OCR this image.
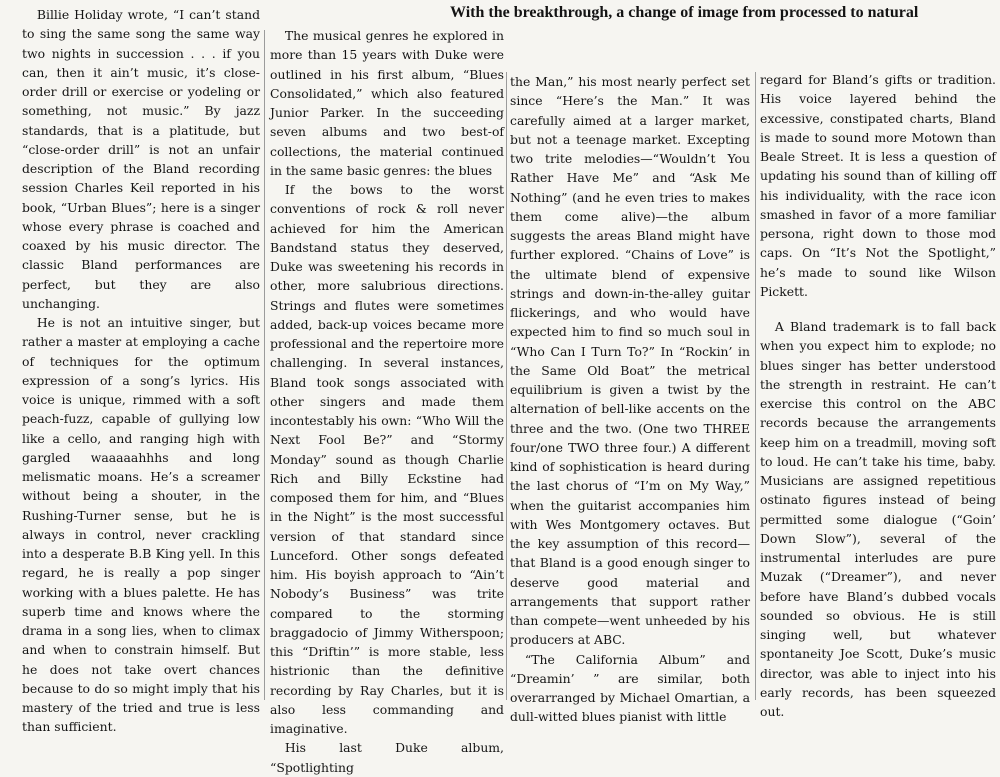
With the breakthrough, a change of image from processed to natural

Billie Holiday wrote, “I can’t stand to sing the same song the same way two nights in succession . . . if you can, then it ain’t music, it’s close-order drill or exercise or yodeling or something, not music.” By jazz standards, that is a platitude, but “close-order drill” is not an unfair description of the Bland recording session Charles Keil reported in his book, “Urban Blues”; here is a singer whose every phrase is coached and coaxed by his music director. The classic Bland performances are perfect, but they are also unchanging.

He is not an intuitive singer, but rather a master at employing a cache of techniques for the optimum expression of a song’s lyrics. His voice is unique, rimmed with a soft peach-fuzz, capable of gullying low like a cello, and ranging high with gargled waaaaahhhs and long melismatic moans. He’s a screamer without being a shouter, in the Rushing-Turner sense, but he is always in control, never crackling into a desperate B.B King yell. In this regard, he is really a pop singer working with a blues palette. He has superb time and knows where the drama in a song lies, when to climax and when to constrain himself. But he does not take overt chances because to do so might imply that his mastery of the tried and true is less than sufficient.

The musical genres he explored in more than 15 years with Duke were outlined in his first album, “Blues Consolidated,” which also featured Junior Parker. In the succeeding seven albums and two best-of collections, the material continued in the same basic genres: the blues

If the bows to the worst conventions of rock & roll never achieved for him the American Bandstand status they deserved, Duke was sweetening his records in other, more salubrious directions. Strings and flutes were sometimes added, back-up voices became more professional and the repertoire more challenging. In several instances, Bland took songs associated with other singers and made them incontestably his own: “Who Will the Next Fool Be?” and “Stormy Monday” sound as though Charlie Rich and Billy Eckstine had composed them for him, and “Blues in the Night” is the most successful version of that standard since Lunceford. Other songs defeated him. His boyish approach to “Ain’t Nobody’s Business” was trite compared to the storming braggadocio of Jimmy Witherspoon; this “Driftin’” is more stable, less histrionic than the definitive recording by Ray Charles, but it is also less commanding and imaginative.

His last Duke album, “Spotlighting

the Man,” his most nearly perfect set since “Here’s the Man.” It was carefully aimed at a larger market, but not a teenage market. Excepting two trite melodies—“Wouldn’t You Rather Have Me” and “Ask Me Nothing” (and he even tries to makes them come alive)—the album suggests the areas Bland might have further explored. “Chains of Love” is the ultimate blend of expensive strings and down-in-the-alley guitar flickerings, and who would have expected him to find so much soul in “Who Can I Turn To?” In “Rockin’ in the Same Old Boat” the metrical equilibrium is given a twist by the alternation of bell-like accents on the three and the two. (One two THREE four/one TWO three four.) A different kind of sophistication is heard during the last chorus of “I’m on My Way,” when the guitarist accompanies him with Wes Montgomery octaves. But the key assumption of this record—that Bland is a good enough singer to deserve good material and arrangements that support rather than compete—went unheeded by his producers at ABC.

“The California Album” and “Dreamin’ ” are similar, both overarranged by Michael Omartian, a dull-witted blues pianist with little

regard for Bland’s gifts or tradition. His voice layered behind the excessive, constipated charts, Bland is made to sound more Motown than Beale Street. It is less a question of updating his sound than of killing off his individuality, with the race icon smashed in favor of a more familiar persona, right down to those mod caps. On “It’s Not the Spotlight,” he’s made to sound like Wilson Pickett.

A Bland trademark is to fall back when you expect him to explode; no blues singer has better understood the strength in restraint. He can’t exercise this control on the ABC records because the arrangements keep him on a treadmill, moving soft to loud. He can’t take his time, baby. Musicians are assigned repetitious ostinato figures instead of being permitted some dialogue (“Goin’ Down Slow”), several of the instrumental interludes are pure Muzak (“Dreamer”), and never before have Bland’s dubbed vocals sounded so obvious. He is still singing well, but whatever spontaneity Joe Scott, Duke’s music director, was able to inject into his early records, has been squeezed out.
